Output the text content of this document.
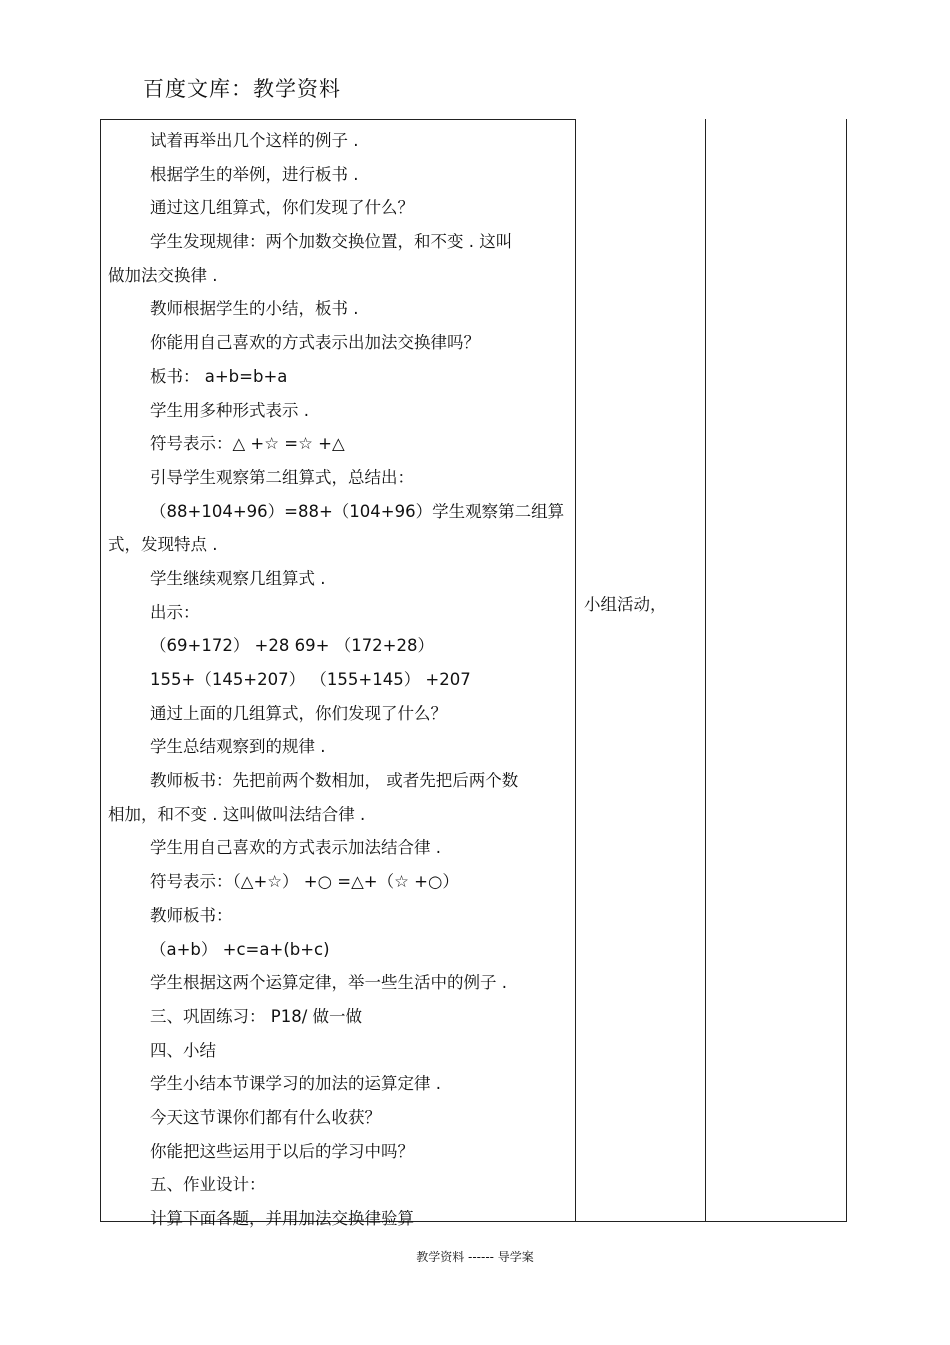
百度文库：教学资料
试着再举出几个这样的例子 .
根据学生的举例，进行板书 .
通过这几组算式，你们发现了什么？
学生发现规律：两个加数交换位置，和不变 . 这叫
做加法交换律 .
教师根据学生的小结，板书 .
你能用自己喜欢的方式表示出加法交换律吗？
板书： a+b=b+a
学生用多种形式表示 .
符号表示：△ +☆ =☆ +△
引导学生观察第二组算式，总结出：
（88+104+96）=88+（104+96）学生观察第二组算
式，发现特点 .
学生继续观察几组算式 .
出示：
（69+172） +28 69+ （172+28）
155+（145+207） （155+145） +207
通过上面的几组算式，你们发现了什么？
学生总结观察到的规律 .
教师板书：先把前两个数相加， 或者先把后两个数
相加，和不变 . 这叫做叫法结合律 .
学生用自己喜欢的方式表示加法结合律 .
符号表示：（△+☆） +○ =△+（☆ +○）
教师板书：
（a+b） +c=a+(b+c)
学生根据这两个运算定律，举一些生活中的例子 .
三、巩固练习： P18/ 做一做
四、小结
学生小结本节课学习的加法的运算定律 .
今天这节课你们都有什么收获？
你能把这些运用于以后的学习中吗？
五、作业设计：
计算下面各题，并用加法交换律验算
小组活动，
教学资料 ------ 导学案
